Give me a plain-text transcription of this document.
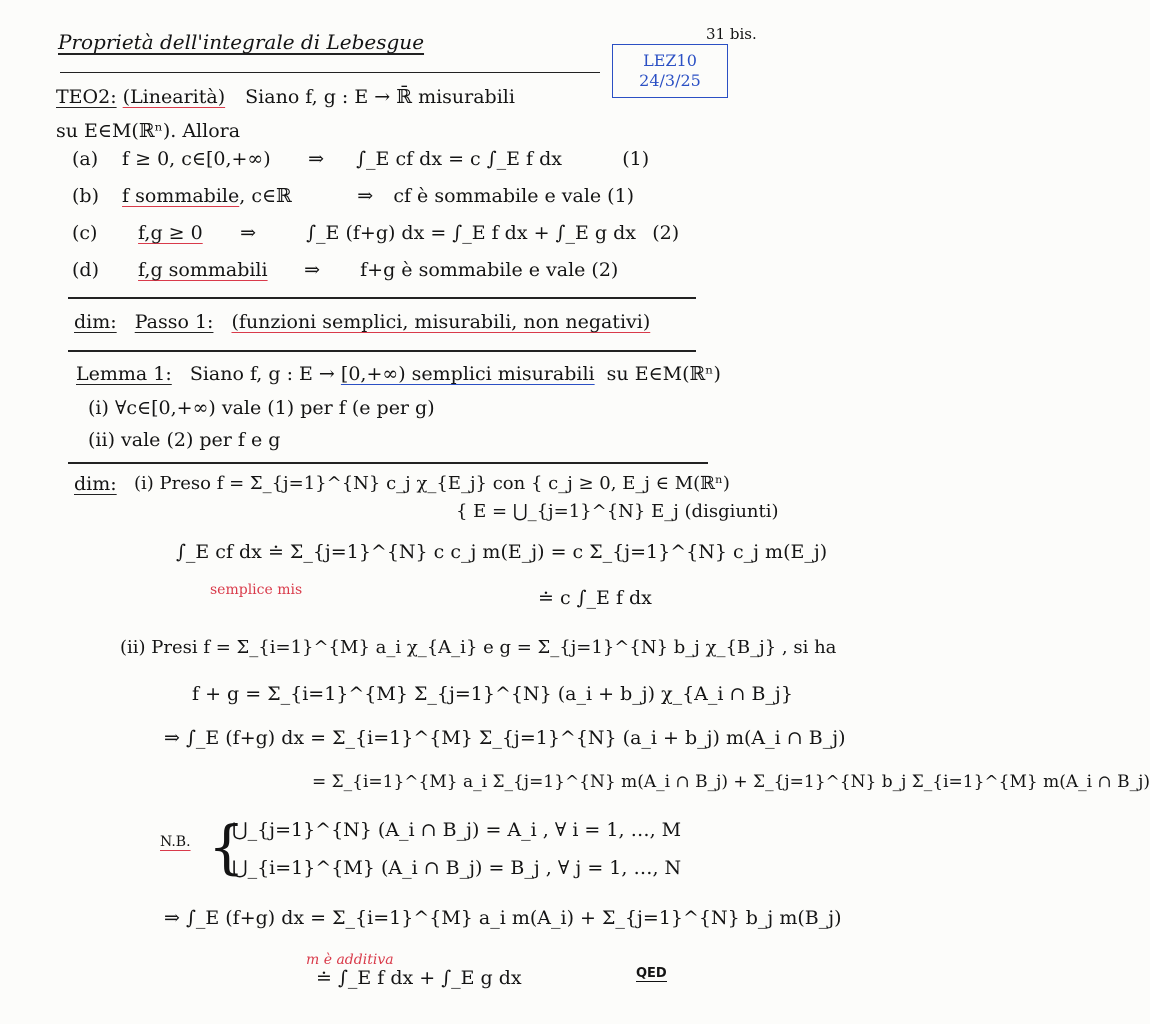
Proprietà dell'integrale di Lebesgue	31 bis.
LEZ10
24/3/25
TEO2: (Linearità) Siano f, g : E → ℝ̄ misurabili
su E∈M(ℝⁿ). Allora
(a) f ≥ 0, c∈[0,+∞) ⇒ ∫_E cf dx = c ∫_E f dx	(1)
(b) f sommabile, c∈ℝ	⇒ cf è sommabile e vale (1)
(c) f,g ≥ 0 ⇒	∫_E (f+g) dx = ∫_E f dx + ∫_E g dx (2)
(d) f,g sommabili ⇒ f+g è sommabile e vale (2)
dim: Passo 1: (funzioni semplici, misurabili, non negativi)
Lemma 1: Siano f, g : E → [0,+∞) semplici misurabili su E∈M(ℝⁿ)
(i) ∀c∈[0,+∞) vale (1) per f (e per g)
(ii) vale (2) per f e g
dim: (i) Preso f = Σ_{j=1}^{N} c_j χ_{E_j} con { c_j ≥ 0, E_j ∈ M(ℝⁿ)
{ E = ⋃_{j=1}^{N} E_j (disgiunti)
∫_E cf dx ≐ Σ_{j=1}^{N} c c_j m(E_j) = c Σ_{j=1}^{N} c_j m(E_j)
semplice mis	≐ c ∫_E f dx
(ii) Presi f = Σ_{i=1}^{M} a_i χ_{A_i} e g = Σ_{j=1}^{N} b_j χ_{B_j} , si ha
f + g = Σ_{i=1}^{M} Σ_{j=1}^{N} (a_i + b_j) χ_{A_i ∩ B_j}
⇒ ∫_E (f+g) dx = Σ_{i=1}^{M} Σ_{j=1}^{N} (a_i + b_j) m(A_i ∩ B_j)
= Σ_{i=1}^{M} a_i Σ_{j=1}^{N} m(A_i ∩ B_j) + Σ_{j=1}^{N} b_j Σ_{i=1}^{M} m(A_i ∩ B_j)
N.B. {
⋃_{j=1}^{N} (A_i ∩ B_j) = A_i , ∀ i = 1, …, M
⋃_{i=1}^{M} (A_i ∩ B_j) = B_j , ∀ j = 1, …, N
⇒ ∫_E (f+g) dx = Σ_{i=1}^{M} a_i m(A_i) + Σ_{j=1}^{N} b_j m(B_j)
m è additiva
≐ ∫_E f dx + ∫_E g dx	QED
